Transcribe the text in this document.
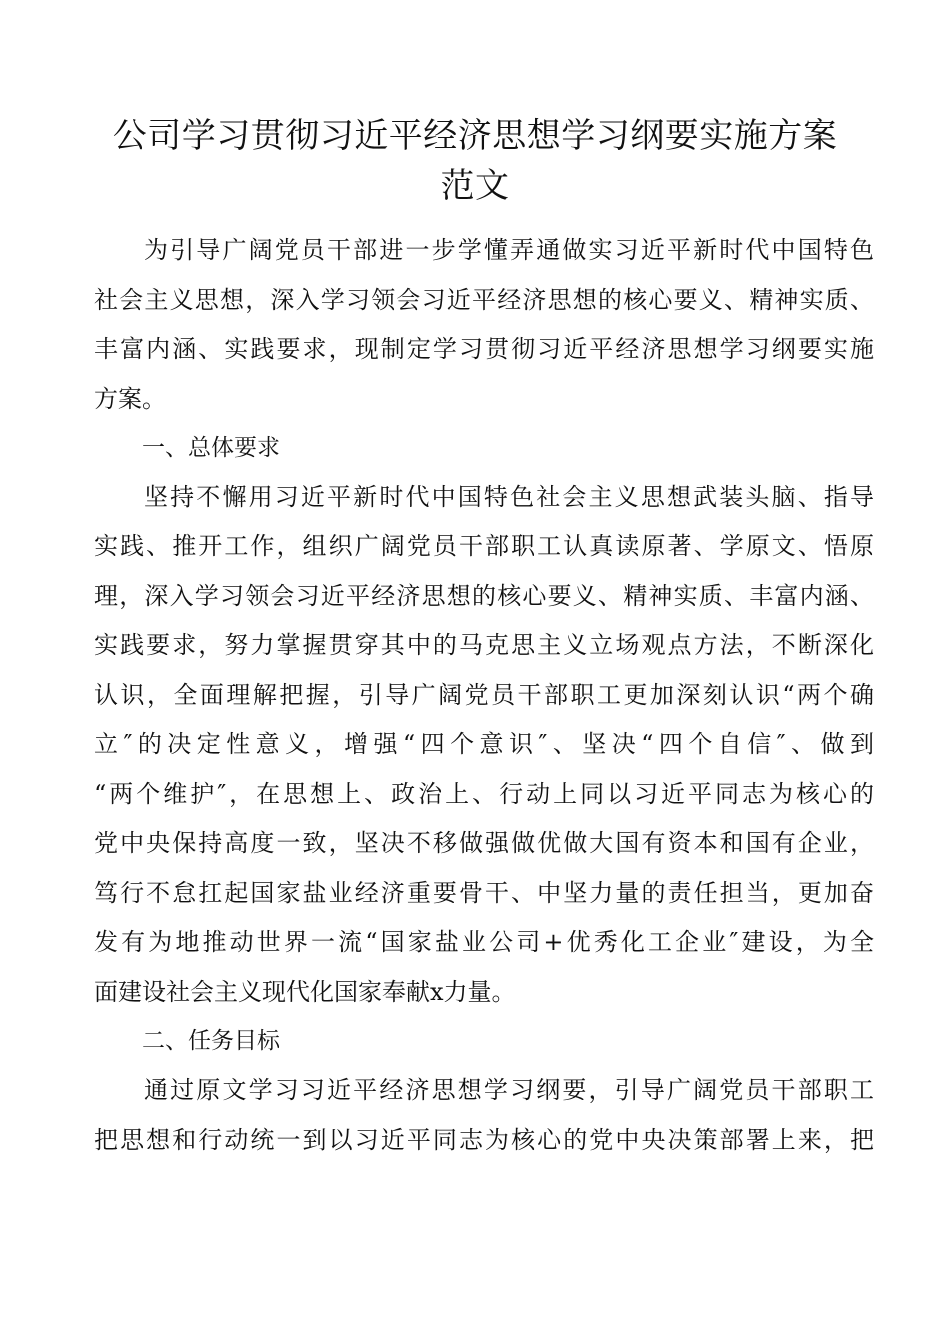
公司学习贯彻习近平经济思想学习纲要实施方案
范文
为引导广阔党员干部进一步学懂弄通做实习近平新时代中国特色
社会主义思想，深入学习领会习近平经济思想的核心要义、精神实质、
丰富内涵、实践要求，现制定学习贯彻习近平经济思想学习纲要实施
方案。
一、总体要求
坚持不懈用习近平新时代中国特色社会主义思想武装头脑、指导
实践、推开工作，组织广阔党员干部职工认真读原著、学原文、悟原
理，深入学习领会习近平经济思想的核心要义、精神实质、丰富内涵、
实践要求，努力掌握贯穿其中的马克思主义立场观点方法，不断深化
认识，全面理解把握，引导广阔党员干部职工更加深刻认识“两个确
立″的决定性意义，增强“四个意识″、坚决“四个自信″、做到
“两个维护″，在思想上、政治上、行动上同以习近平同志为核心的
党中央保持高度一致，坚决不移做强做优做大国有资本和国有企业，
笃行不怠扛起国家盐业经济重要骨干、中坚力量的责任担当，更加奋
发有为地推动世界一流“国家盐业公司+优秀化工企业″建设，为全
面建设社会主义现代化国家奉献x力量。
二、任务目标
通过原文学习习近平经济思想学习纲要，引导广阔党员干部职工
把思想和行动统一到以习近平同志为核心的党中央决策部署上来，把
